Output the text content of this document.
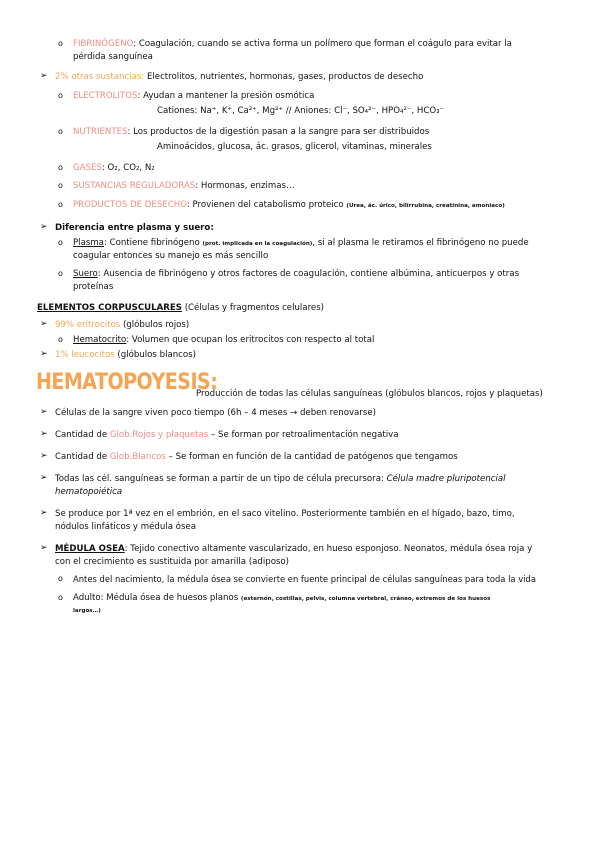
o FIBRINÓGENO: Coagulación, cuando se activa forma un polímero que forman el coágulo para evitar la
pérdida sanguínea
➢ 2% otras sustancias: Electrolitos, nutrientes, hormonas, gases, productos de desecho
o ELECTROLITOS: Ayudan a mantener la presión osmótica
Cationes: Na⁺, K⁺, Ca²⁺, Mg²⁺ // Aniones: Cl⁻, SO₄²⁻, HPO₄²⁻, HCO₃⁻
o NUTRIENTES: Los productos de la digestión pasan a la sangre para ser distribuidos
Aminoácidos, glucosa, ác. grasos, glicerol, vitaminas, minerales
o GASES: O₂, CO₂, N₂
o SUSTANCIAS REGULADORAS: Hormonas, enzimas…
o PRODUCTOS DE DESECHO: Provienen del catabolismo proteico (Urea, ác. úrico, bilirrubina, creatinina, amoniaco)
➢ Diferencia entre plasma y suero:
o Plasma: Contiene fibrinógeno (prot. implicada en la coagulación), si al plasma le retiramos el fibrinógeno no puede
coagular entonces su manejo es más sencillo
o Suero: Ausencia de fibrinógeno y otros factores de coagulación, contiene albúmina, anticuerpos y otras
proteínas
ELEMENTOS CORPUSCULARES (Células y fragmentos celulares)
➢ 99% eritrocitos (glóbulos rojos)
o Hematocrito: Volumen que ocupan los eritrocitos con respecto al total
➢ 1% leucocitos (glóbulos blancos)
HEMATOPOYESIS:
Producción de todas las células sanguíneas (glóbulos blancos, rojos y plaquetas)
➢ Células de la sangre viven poco tiempo (6h – 4 meses → deben renovarse)
➢ Cantidad de Glob.Rojos y plaquetas – Se forman por retroalimentación negativa
➢ Cantidad de Glob.Blancos – Se forman en función de la cantidad de patógenos que tengamos
➢ Todas las cél. sanguíneas se forman a partir de un tipo de célula precursora: Célula madre pluripotencial
hematopoiética
➢ Se produce por 1ª vez en el embrión, en el saco vitelino. Posteriormente también en el hígado, bazo, timo,
nódulos linfáticos y médula ósea
➢ MÉDULA OSEA: Tejido conectivo altamente vascularizado, en hueso esponjoso. Neonatos, médula ósea roja y
con el crecimiento es sustituida por amarilla (adiposo)
o Antes del nacimiento, la médula ósea se convierte en fuente principal de células sanguíneas para toda la vida
o Adulto: Médula ósea de huesos planos (esternón, costillas, pelvis, columna vertebral, cráneo, extremos de los huesos
largos…)
